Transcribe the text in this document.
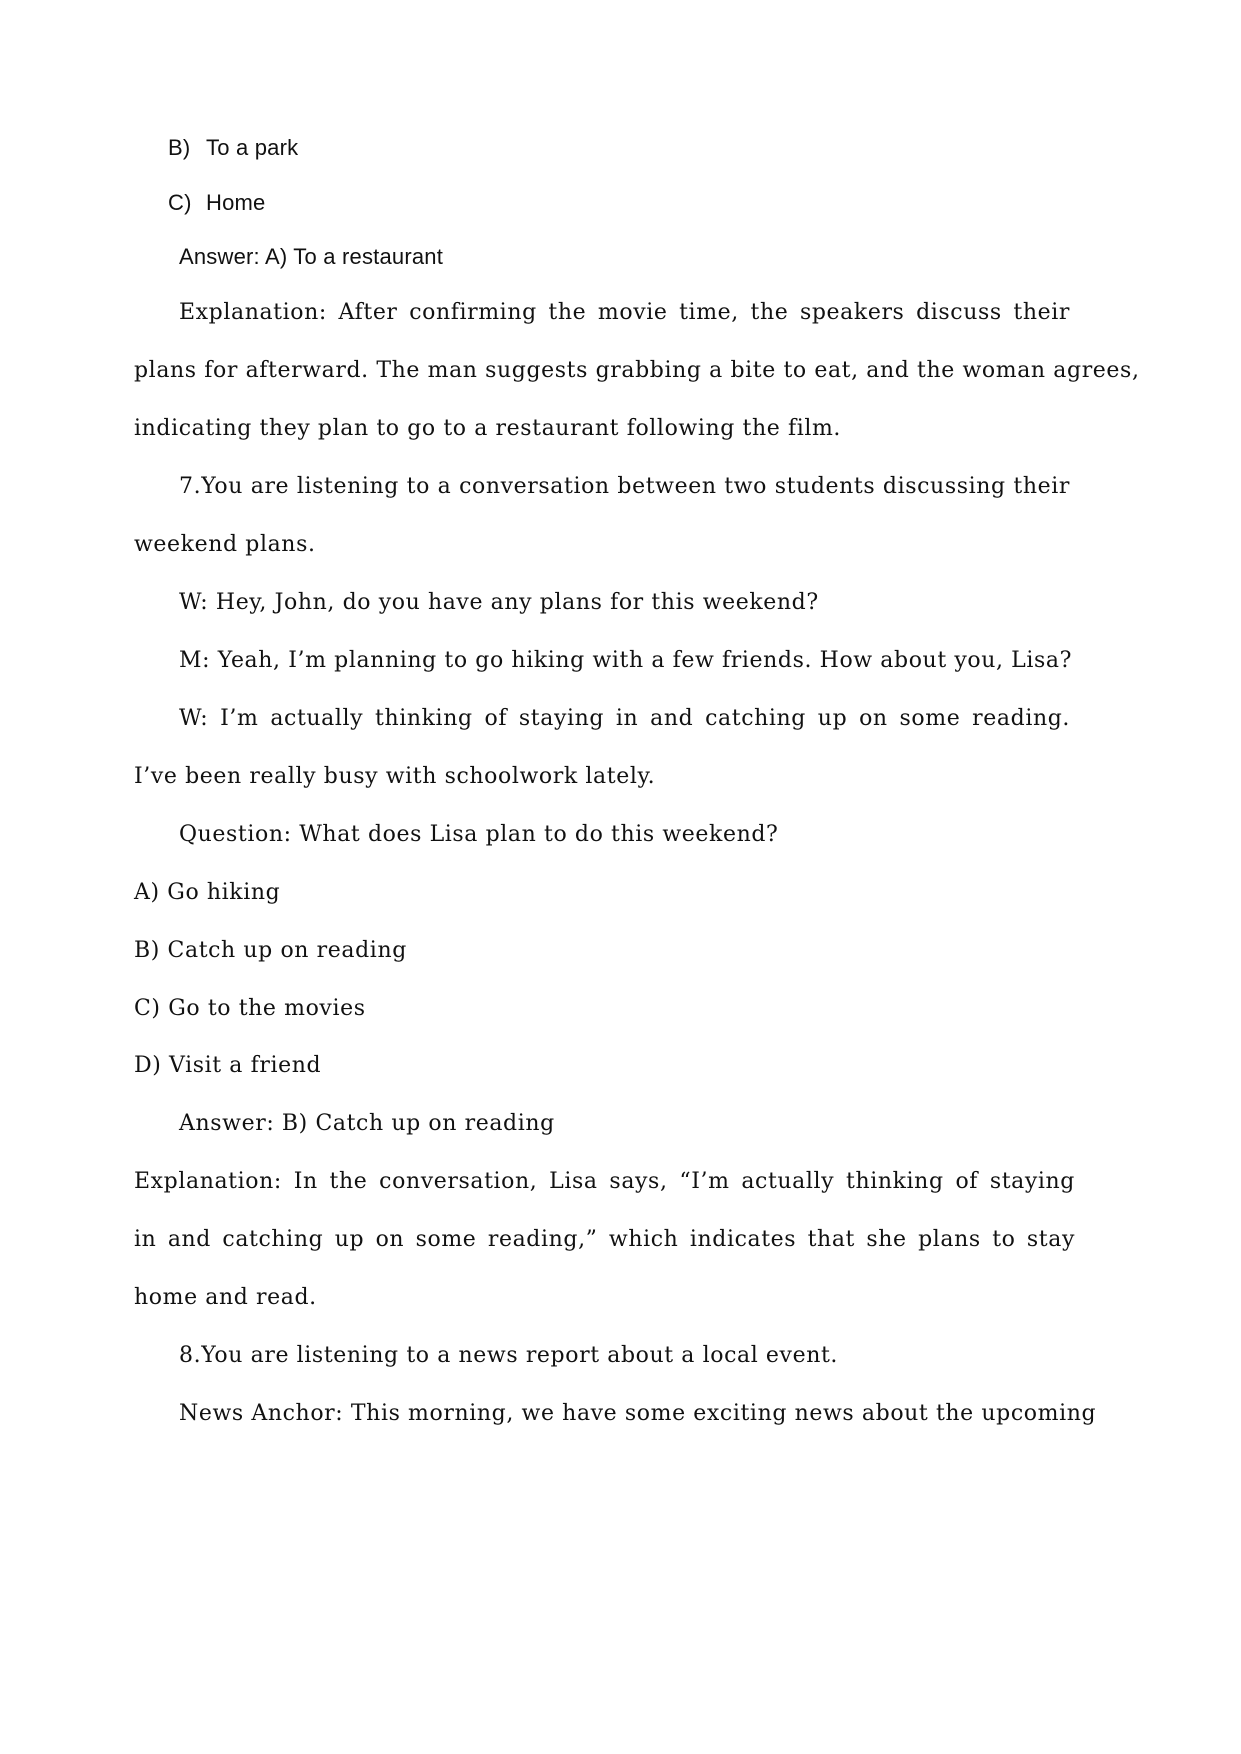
B) To a park
C) Home
Answer: A) To a restaurant
Explanation: After confirming the movie time, the speakers discuss their
plans for afterward. The man suggests grabbing a bite to eat, and the woman agrees,
indicating they plan to go to a restaurant following the film.
7.You are listening to a conversation between two students discussing their
weekend plans.
W: Hey, John, do you have any plans for this weekend?
M: Yeah, I’m planning to go hiking with a few friends. How about you, Lisa?
W: I’m actually thinking of staying in and catching up on some reading.
I’ve been really busy with schoolwork lately.
Question: What does Lisa plan to do this weekend?
A) Go hiking
B) Catch up on reading
C) Go to the movies
D) Visit a friend
Answer: B) Catch up on reading
Explanation: In the conversation, Lisa says, “I’m actually thinking of staying
in and catching up on some reading,” which indicates that she plans to stay
home and read.
8.You are listening to a news report about a local event.
News Anchor: This morning, we have some exciting news about the upcoming
